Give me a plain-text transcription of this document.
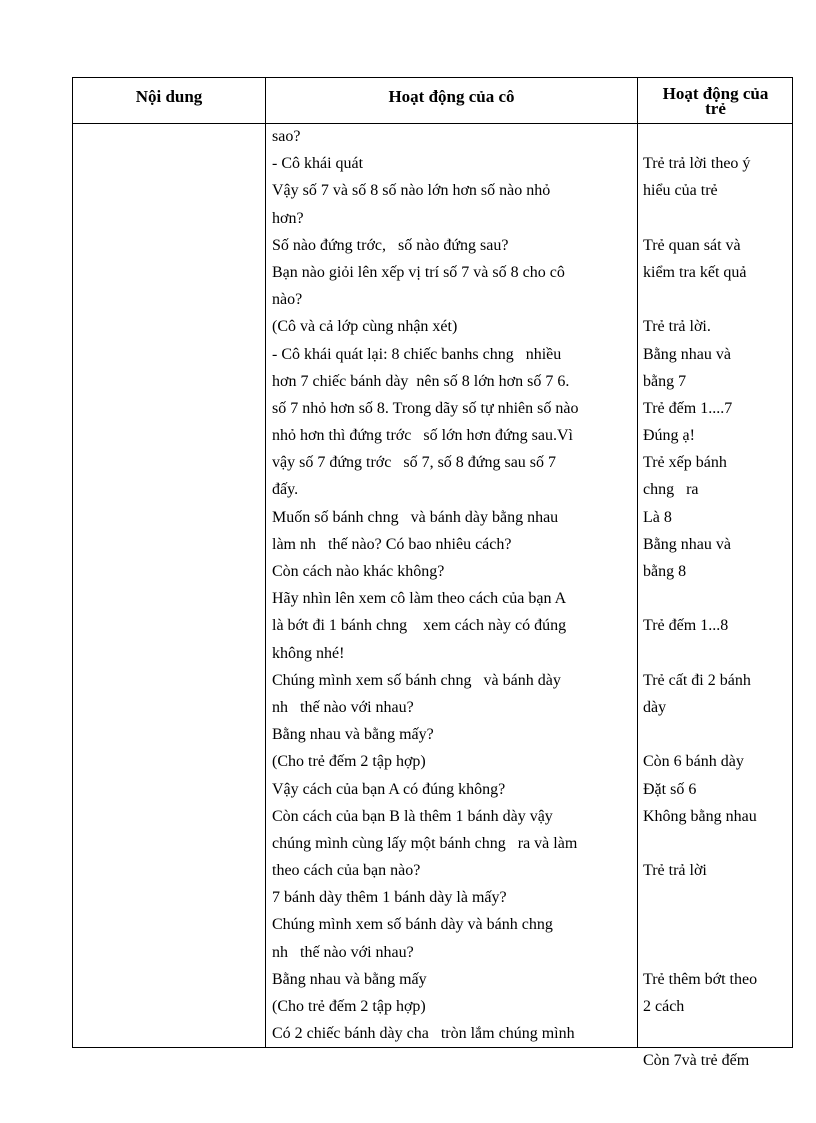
Nội dung	Hoạt động của cô	Hoạt động của
trẻ
sao?
- Cô khái quát
Vậy số 7 và số 8 số nào lớn hơn số nào nhỏ
hơn?
Số nào đứng trớc,   số nào đứng sau?
Bạn nào giỏi lên xếp vị trí số 7 và số 8 cho cô
nào?
(Cô và cả lớp cùng nhận xét)
- Cô khái quát lại: 8 chiếc banhs chng   nhiều
hơn 7 chiếc bánh dày  nên số 8 lớn hơn số 7 6.
số 7 nhỏ hơn số 8. Trong dãy số tự nhiên số nào
nhỏ hơn thì đứng trớc   số lớn hơn đứng sau.Vì
vậy số 7 đứng trớc   số 7, số 8 đứng sau số 7
đấy.
Muốn số bánh chng   và bánh dày bằng nhau
làm nh   thế nào? Có bao nhiêu cách?
Còn cách nào khác không?
Hãy nhìn lên xem cô làm theo cách của bạn A
là bớt đi 1 bánh chng    xem cách này có đúng
không nhé!
Chúng mình xem số bánh chng   và bánh dày
nh   thế nào với nhau?
Bằng nhau và bằng mấy?
(Cho trẻ đếm 2 tập hợp)
Vậy cách của bạn A có đúng không?
Còn cách của bạn B là thêm 1 bánh dày vậy
chúng mình cùng lấy một bánh chng   ra và làm
theo cách của bạn nào?
7 bánh dày thêm 1 bánh dày là mấy?
Chúng mình xem số bánh dày và bánh chng
nh   thế nào với nhau?
Bằng nhau và bằng mấy
(Cho trẻ đếm 2 tập hợp)
Có 2 chiếc bánh dày cha   tròn lắm chúng mình
Trẻ trả lời theo ý
hiểu của trẻ
Trẻ quan sát và
kiểm tra kết quả
Trẻ trả lời.
Bằng nhau và
bằng 7
Trẻ đếm 1....7
Đúng ạ!
Trẻ xếp bánh
chng   ra
Là 8
Bằng nhau và
bằng 8
Trẻ đếm 1...8
Trẻ cất đi 2 bánh
dày
Còn 6 bánh dày
Đặt số 6
Không bằng nhau
Trẻ trả lời
Trẻ thêm bớt theo
2 cách
Còn 7và trẻ đếm
